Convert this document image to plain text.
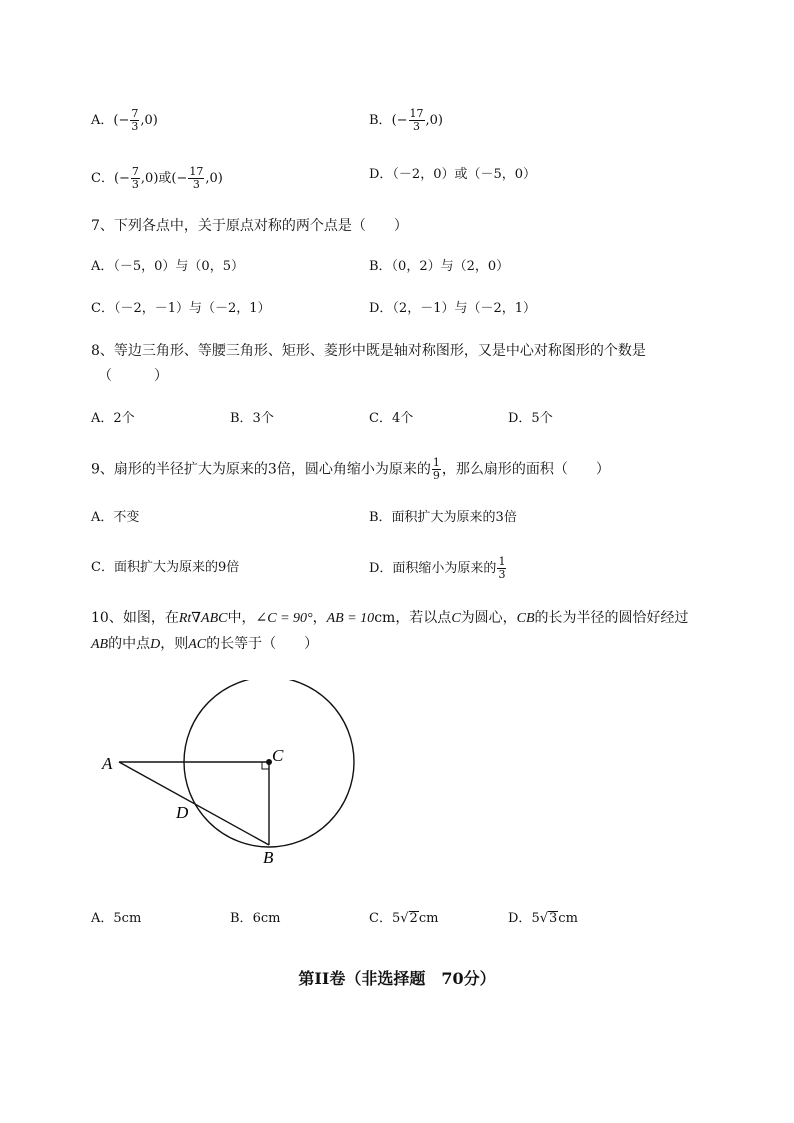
A．(− $\frac{7}{3} ,0$)	B．(− $\frac{17}{3} ,0$)
C．(− $\frac{7}{3} ,0$)或(− $\frac{17}{3} ,0$)	D．（－2，0）或（－5，0）
7、下列各点中，关于原点对称的两个点是（　　）
A．（－5，0）与（0，5）	B．（0，2）与（2，0）
C．（－2，－1）与（－2，1）	D．（2，－1）与（－2，1）
8、等边三角形、等腰三角形、矩形、菱形中既是轴对称图形，又是中心对称图形的个数是
（　　　）
A．2个	B．3个	C．4个	D．5个
9、扇形的半径扩大为原来的3倍，圆心角缩小为原来的 $\frac{1}{9}$ ，那么扇形的面积（　　）
A．不变	B．面积扩大为原来的3倍
C．面积扩大为原来的9倍	D．面积缩小为原来的 $\frac{1}{3}$
10、如图，在Rt∇ABC中，∠C = 90°，AB = 10cm，若以点C为圆心，CB的长为半径的圆恰好经过
AB的中点D，则AC的长等于（　　）
A	C
D
B
A．5cm	B．6cm	C．5√2cm	D．5√3cm
第II卷（非选择题　70分）
